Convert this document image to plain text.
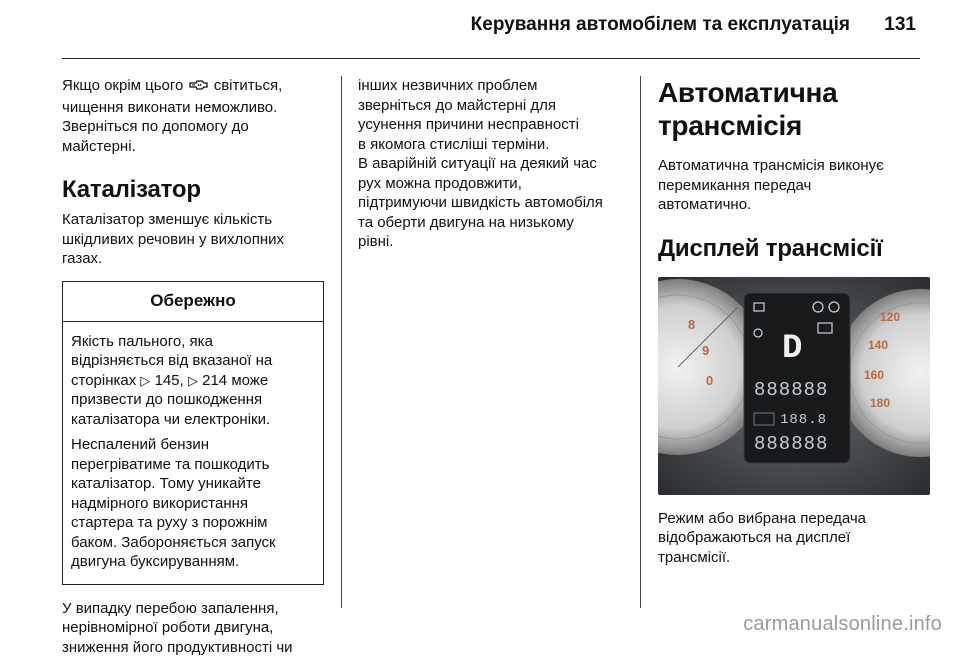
Керування автомобілем та експлуатація 131

Якщо окрім цього  світиться,

чищення виконати неможливо.

Зверніться по допомогу до

майстерні.

Каталізатор

Каталізатор зменшує кількість

шкідливих речовин у вихлопних

газах.

Обережно

Якість пального, яка
відрізняється від вказаної на
сторінках ▷ 145, ▷ 214 може
призвести до пошкодження
каталізатора чи електроніки.

Неспалений бензин
перегріватиме та пошкодить
каталізатор. Тому уникайте
надмірного використання
стартера та руху з порожнім
баком. Забороняється запуск
двигуна буксируванням.

У випадку перебою запалення,

нерівномірної роботи двигуна,

зниження його продуктивності чи

інших незвичних проблем

зверніться до майстерні для

усунення причини несправності

в якомога стисліші терміни.

В аварійній ситуації на деякий час

рух можна продовжити,

підтримуючи швидкість автомобіля

та оберти двигуна на низькому

рівні.

Автоматична
трансмісія

Автоматична трансмісія виконує

перемикання передач

автоматично.

Дисплей трансмісії
8
9
0
120
140
160
180
D
888888
188.8
888888

Режим або вибрана передача

відображаються на дисплеї

трансмісії.

carmanualsonline.info
